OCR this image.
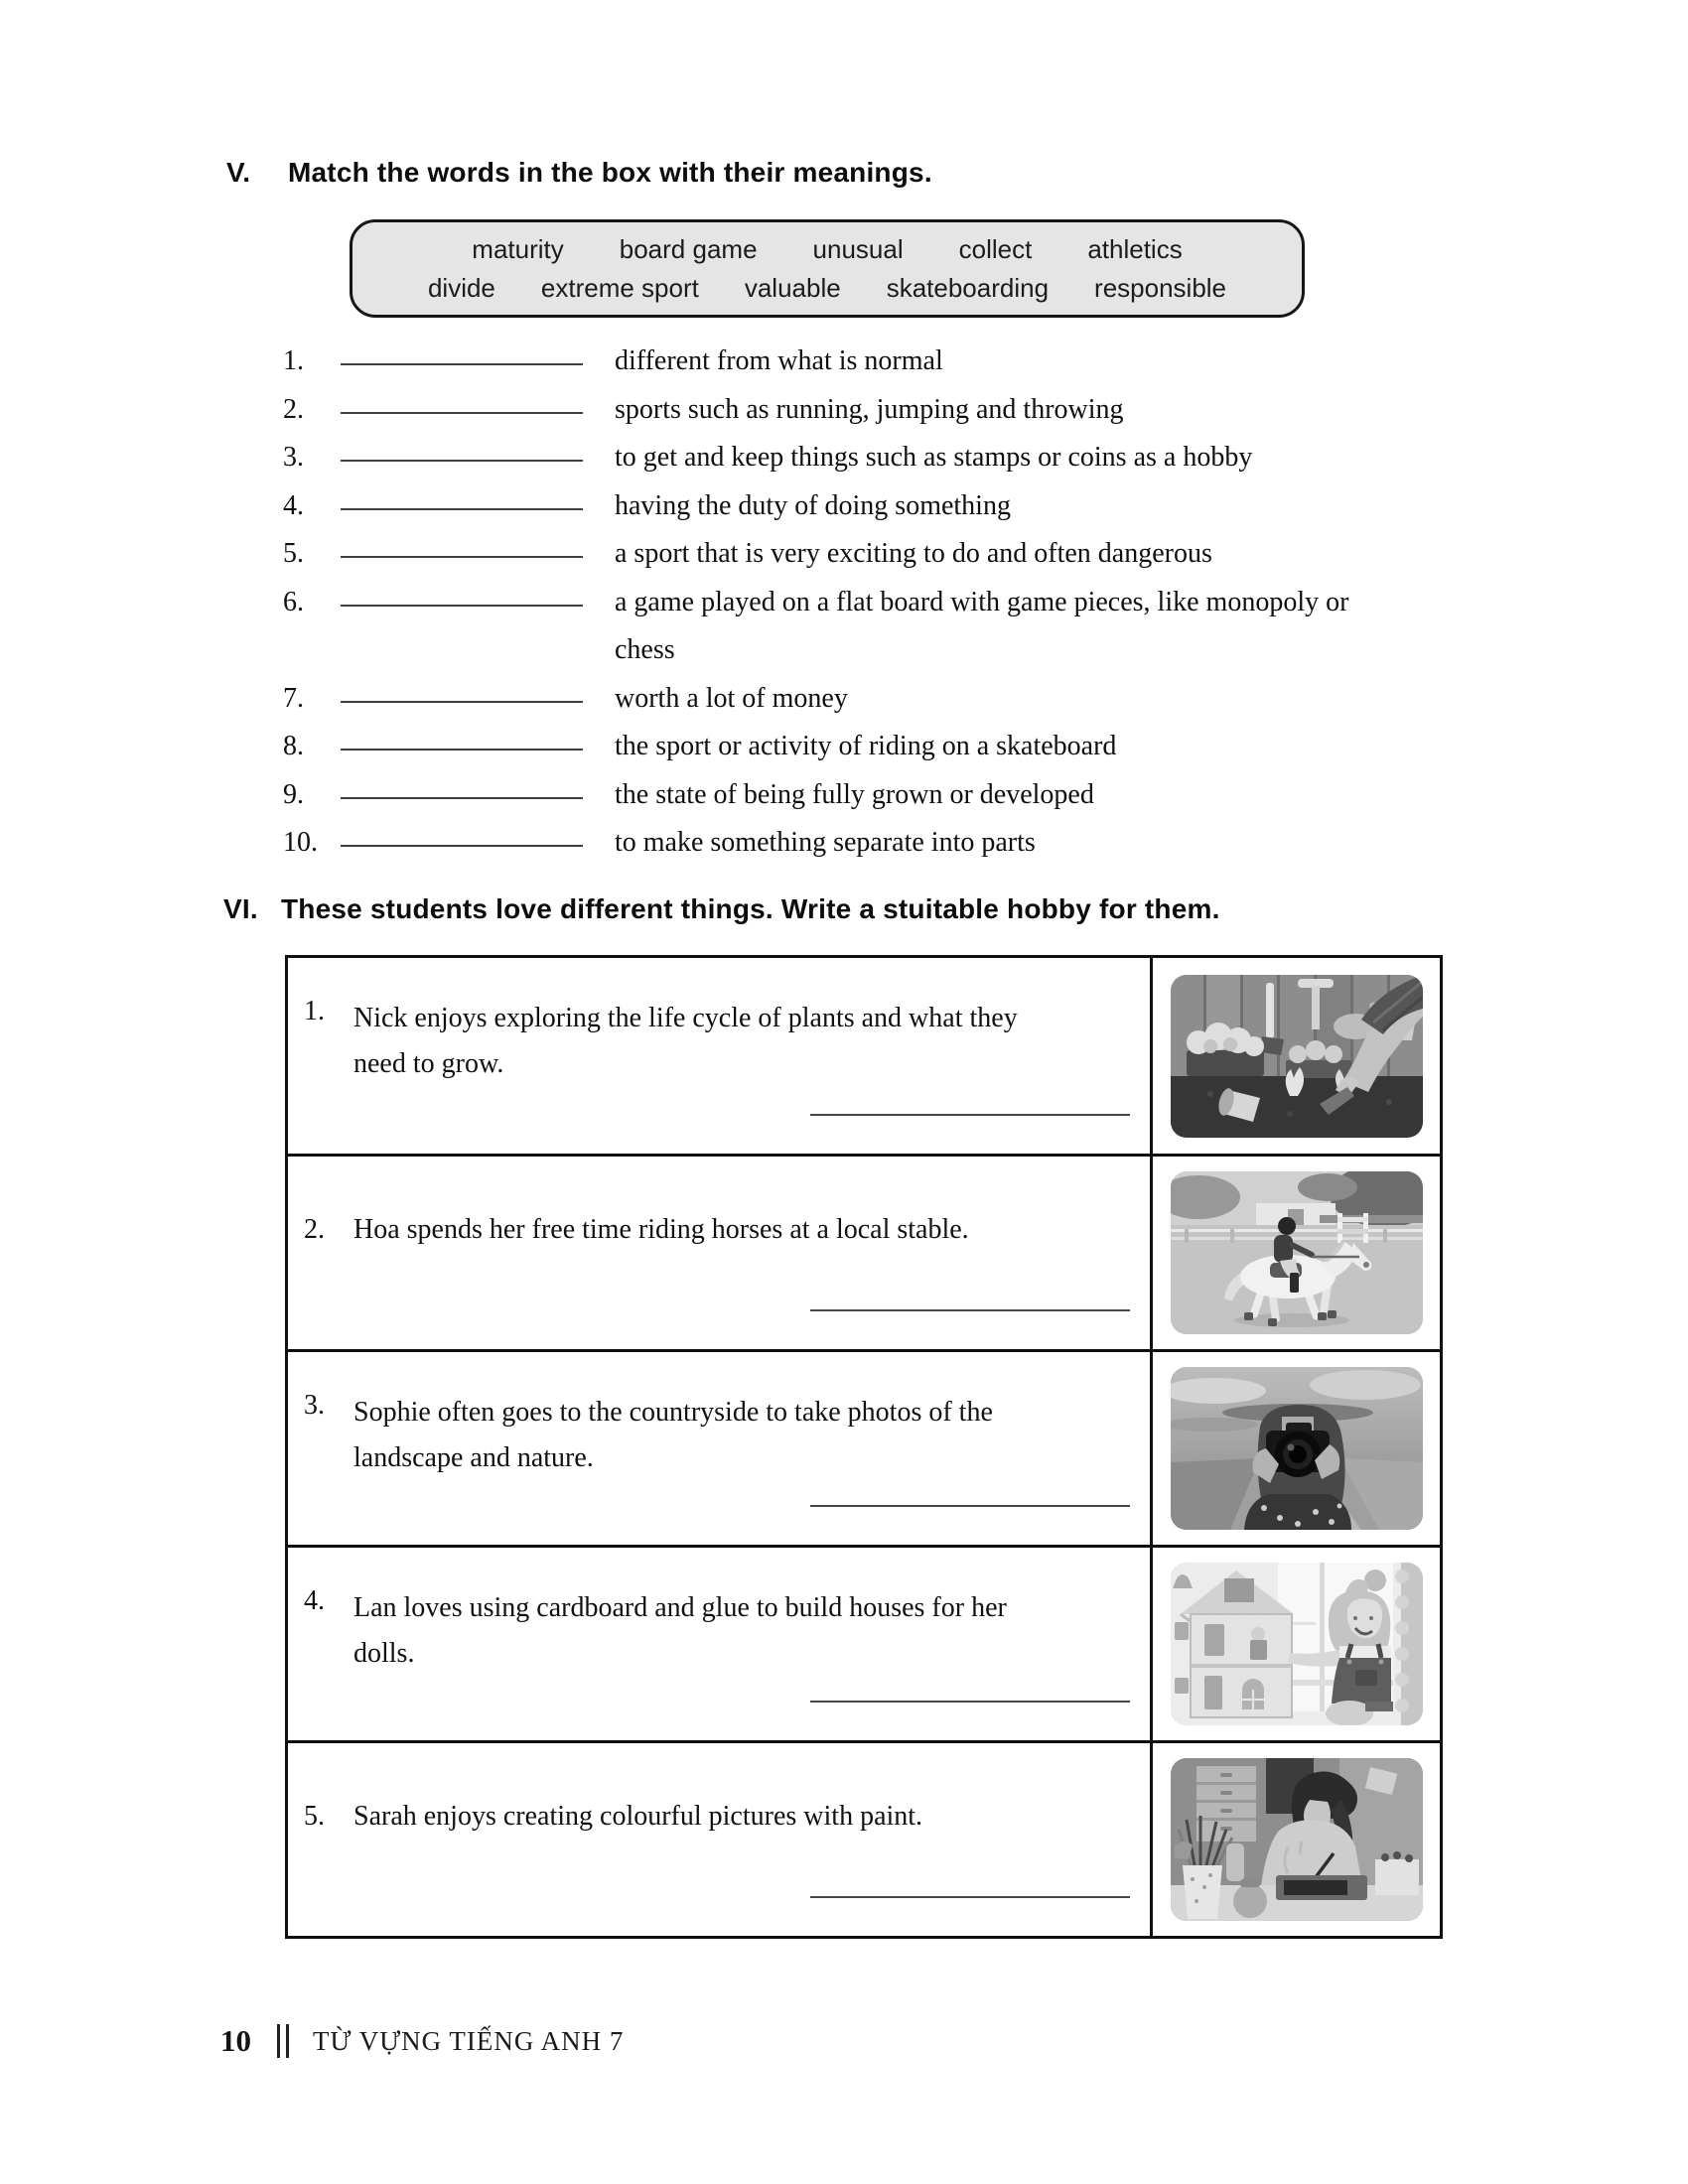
V.	Match the words in the box with their meanings.
maturity board game unusual collect athletics
divide extreme sport valuable skateboarding responsible
1.	different from what is normal
2.	sports such as running, jumping and throwing
3.	to get and keep things such as stamps or coins as a hobby
4.	having the duty of doing something
5.	a sport that is very exciting to do and often dangerous
6.	a game played on a flat board with game pieces, like monopoly or chess
7.	worth a lot of money
8.	the sport or activity of riding on a skateboard
9.	the state of being fully grown or developed
10.	to make something separate into parts
VI. These students love different things. Write a stuitable hobby for them.
1.	Nick enjoys exploring the life cycle of plants and what they need to grow.
2.	Hoa spends her free time riding horses at a local stable.
3.	Sophie often goes to the countryside to take photos of the landscape and nature.
4.	Lan loves using cardboard and glue to build houses for her dolls.
5.	Sarah enjoys creating colourful pictures with paint.
10 TỪ VỰNG TIẾNG ANH 7
